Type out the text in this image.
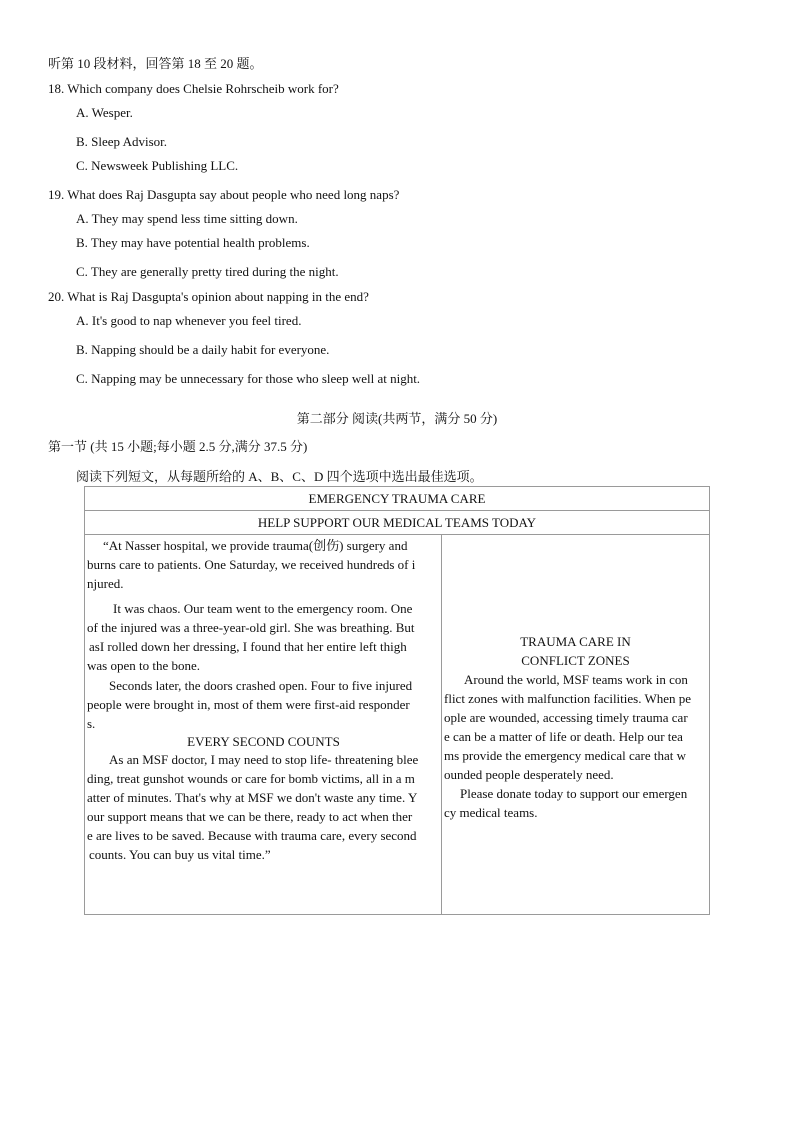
听第 10 段材料，回答第 18 至 20 题。
18. Which company does Chelsie Rohrscheib work for?
A. Wesper.
B. Sleep Advisor.
C. Newsweek Publishing LLC.
19. What does Raj Dasgupta say about people who need long naps?
A. They may spend less time sitting down.
B. They may have potential health problems.
C. They are generally pretty tired during the night.
20. What is Raj Dasgupta's opinion about napping in the end?
A. It's good to nap whenever you feel tired.
B. Napping should be a daily habit for everyone.
C. Napping may be unnecessary for those who sleep well at night.
第二部分 阅读(共两节，满分 50 分)
第一节 (共 15 小题;每小题 2.5 分,满分 37.5 分)
阅读下列短文，从每题所给的 A、B、C、D 四个选项中选出最佳选项。
EMERGENCY TRAUMA CARE
HELP SUPPORT OUR MEDICAL TEAMS TODAY

“At Nasser hospital, we provide trauma(创伤) surgery and
burns care to patients. One Saturday, we received hundreds of i
njured.
It was chaos. Our team went to the emergency room. One
of the injured was a three-year-old girl. She was breathing. But
asI rolled down her dressing, I found that her entire left thigh
was open to the bone.
Seconds later, the doors crashed open. Four to five injured
people were brought in, most of them were first-aid responder
s.
EVERY SECOND COUNTS
As an MSF doctor, I may need to stop life- threatening blee
ding, treat gunshot wounds or care for bomb victims, all in a m
atter of minutes. That's why at MSF we don't waste any time. Y
our support means that we can be there, ready to act when ther
e are lives to be saved. Because with trauma care, every second
counts. You can buy us vital time.”

TRAUMA CARE IN
CONFLICT ZONES
Around the world, MSF teams work in con
flict zones with malfunction facilities. When pe
ople are wounded, accessing timely trauma car
e can be a matter of life or death. Help our tea
ms provide the emergency medical care that w
ounded people desperately need.
Please donate today to support our emergen
cy medical teams.
